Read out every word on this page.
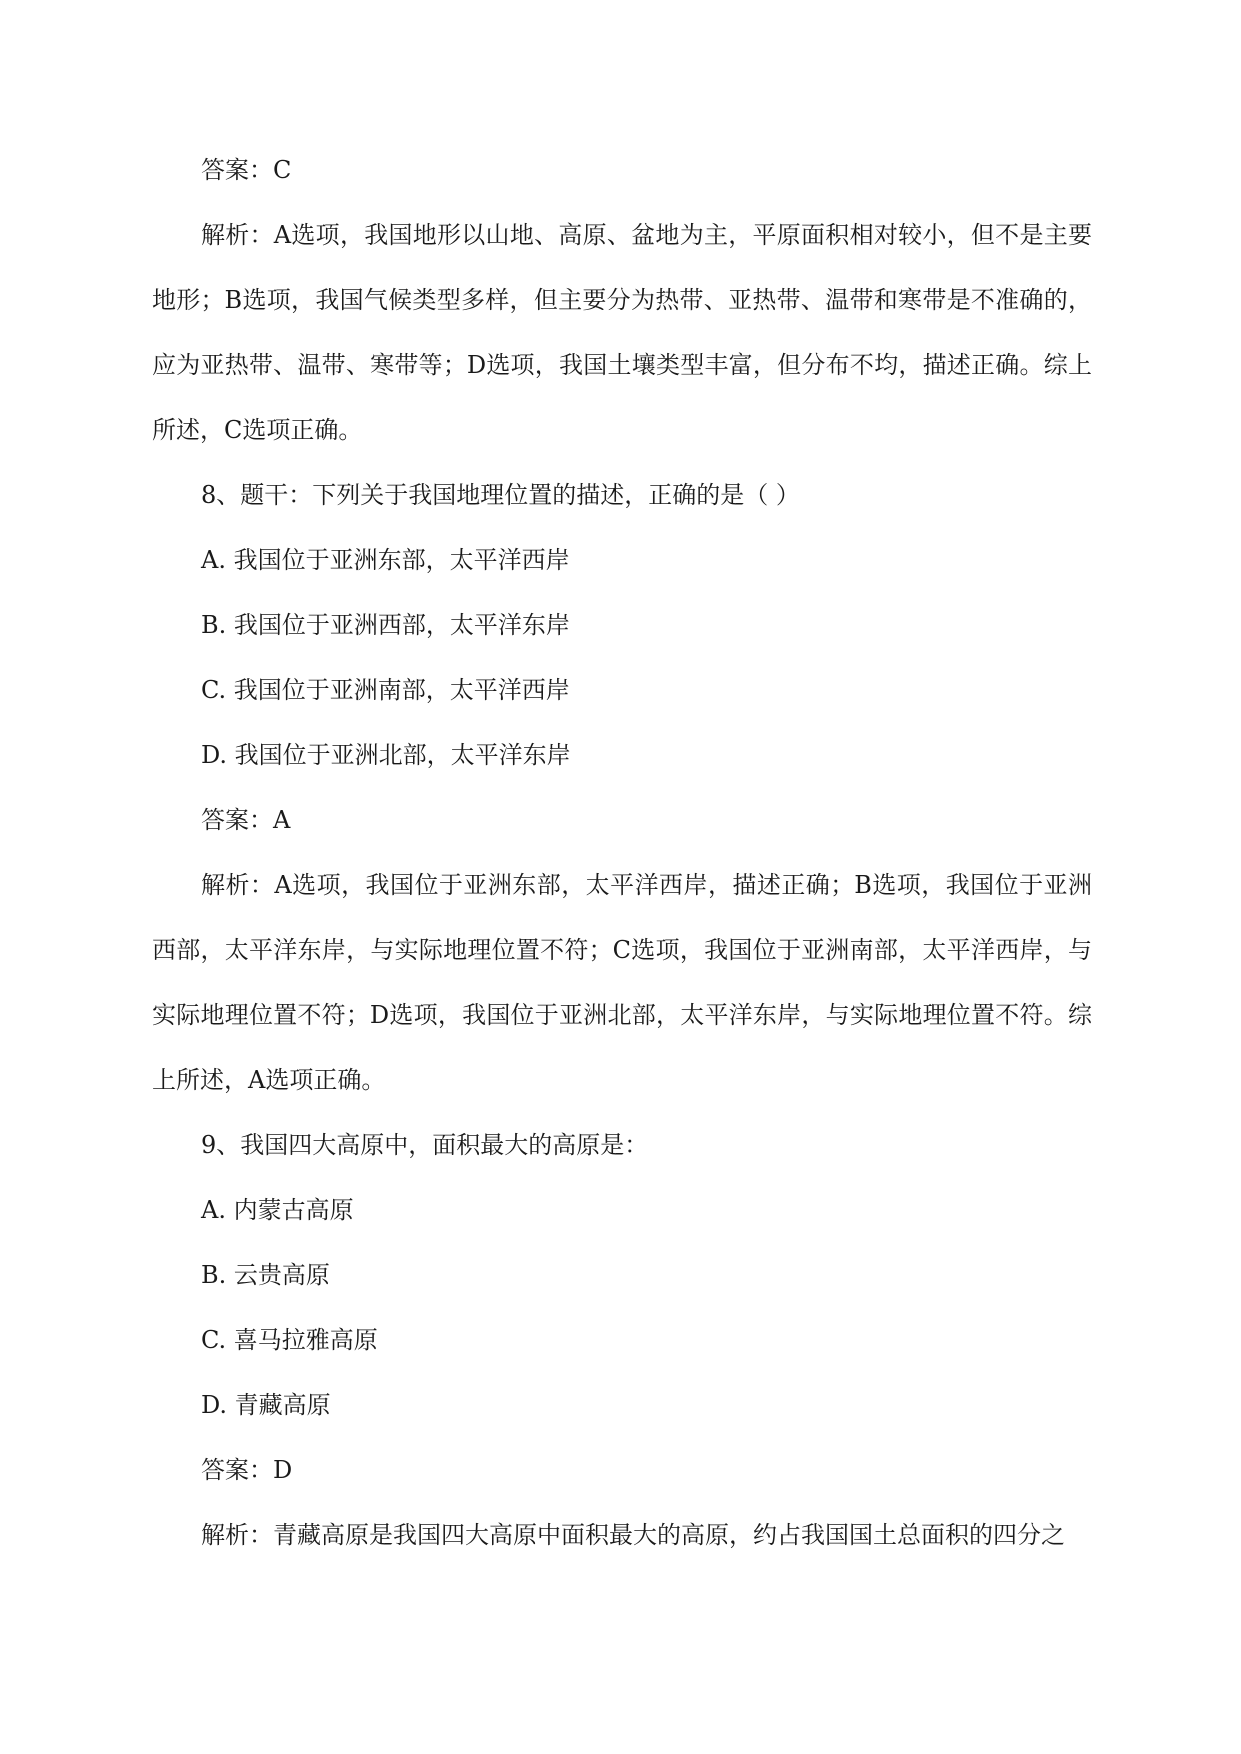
答案：C

解析：A选项，我国地形以山地、高原、盆地为主，平原面积相对较小，但不是主要地形；B选项，我国气候类型多样，但主要分为热带、亚热带、温带和寒带是不准确的，应为亚热带、温带、寒带等；D选项，我国土壤类型丰富，但分布不均，描述正确。综上所述，C选项正确。

8、题干：下列关于我国地理位置的描述，正确的是（ ）

A. 我国位于亚洲东部，太平洋西岸

B. 我国位于亚洲西部，太平洋东岸

C. 我国位于亚洲南部，太平洋西岸

D. 我国位于亚洲北部，太平洋东岸

答案：A

解析：A选项，我国位于亚洲东部，太平洋西岸，描述正确；B选项，我国位于亚洲西部，太平洋东岸，与实际地理位置不符；C选项，我国位于亚洲南部，太平洋西岸，与实际地理位置不符；D选项，我国位于亚洲北部，太平洋东岸，与实际地理位置不符。综上所述，A选项正确。

9、我国四大高原中，面积最大的高原是：

A. 内蒙古高原

B. 云贵高原

C. 喜马拉雅高原

D. 青藏高原

答案：D

解析：青藏高原是我国四大高原中面积最大的高原，约占我国国土总面积的四分之
